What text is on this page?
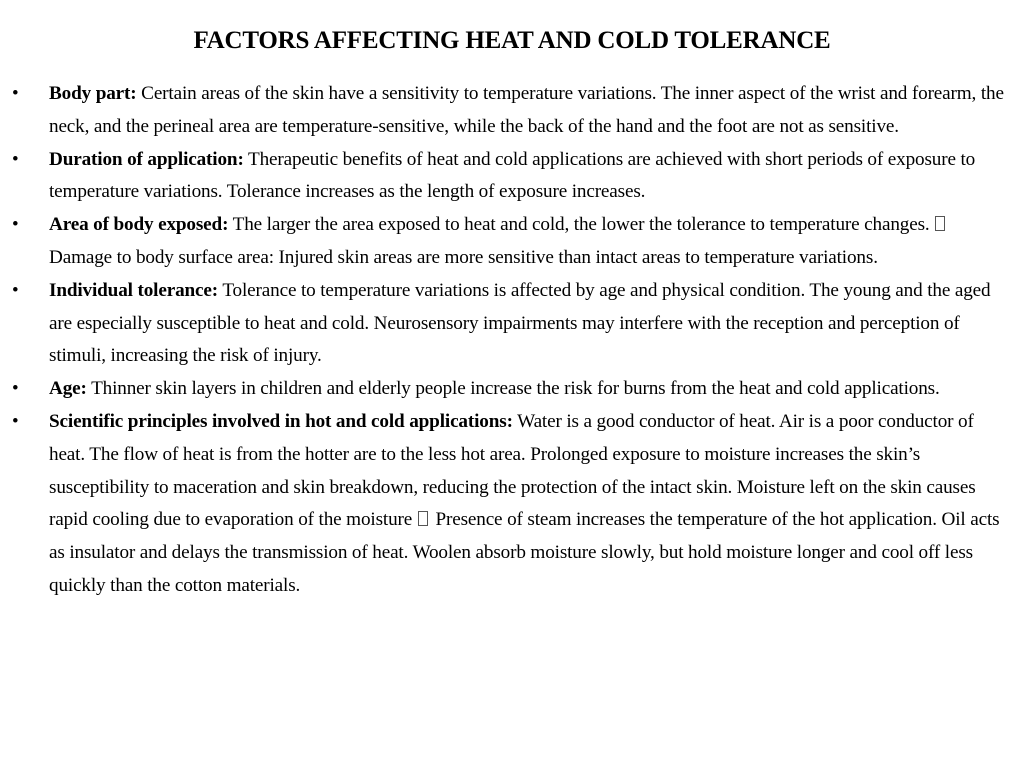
FACTORS AFFECTING HEAT AND COLD TOLERANCE
•	Body part: Certain areas of the skin have a sensitivity to temperature variations. The inner aspect of the wrist and forearm, the neck, and the perineal area are temperature-sensitive, while the back of the hand and the foot are not as sensitive.
•	Duration of application: Therapeutic benefits of heat and cold applications are achieved with short periods of exposure to temperature variations. Tolerance increases as the length of exposure increases.
•	Area of body exposed: The larger the area exposed to heat and cold, the lower the tolerance to temperature changes.  Damage to body surface area: Injured skin areas are more sensitive than intact areas to temperature variations.
•	Individual tolerance: Tolerance to temperature variations is affected by age and physical condition. The young and the aged are especially susceptible to heat and cold. Neurosensory impairments may interfere with the reception and perception of stimuli, increasing the risk of injury.
•	Age: Thinner skin layers in children and elderly people increase the risk for burns from the heat and cold applications.
•	Scientific principles involved in hot and cold applications: Water is a good conductor of heat. Air is a poor conductor of heat. The flow of heat is from the hotter are to the less hot area. Prolonged exposure to moisture increases the skin’s susceptibility to maceration and skin breakdown, reducing the protection of the intact skin. Moisture left on the skin causes rapid cooling due to evaporation of the moisture Presence of steam increases the temperature of the hot application. Oil acts as insulator and delays the transmission of heat. Woolen absorb moisture slowly, but hold moisture longer and cool off less quickly than the cotton materials.
